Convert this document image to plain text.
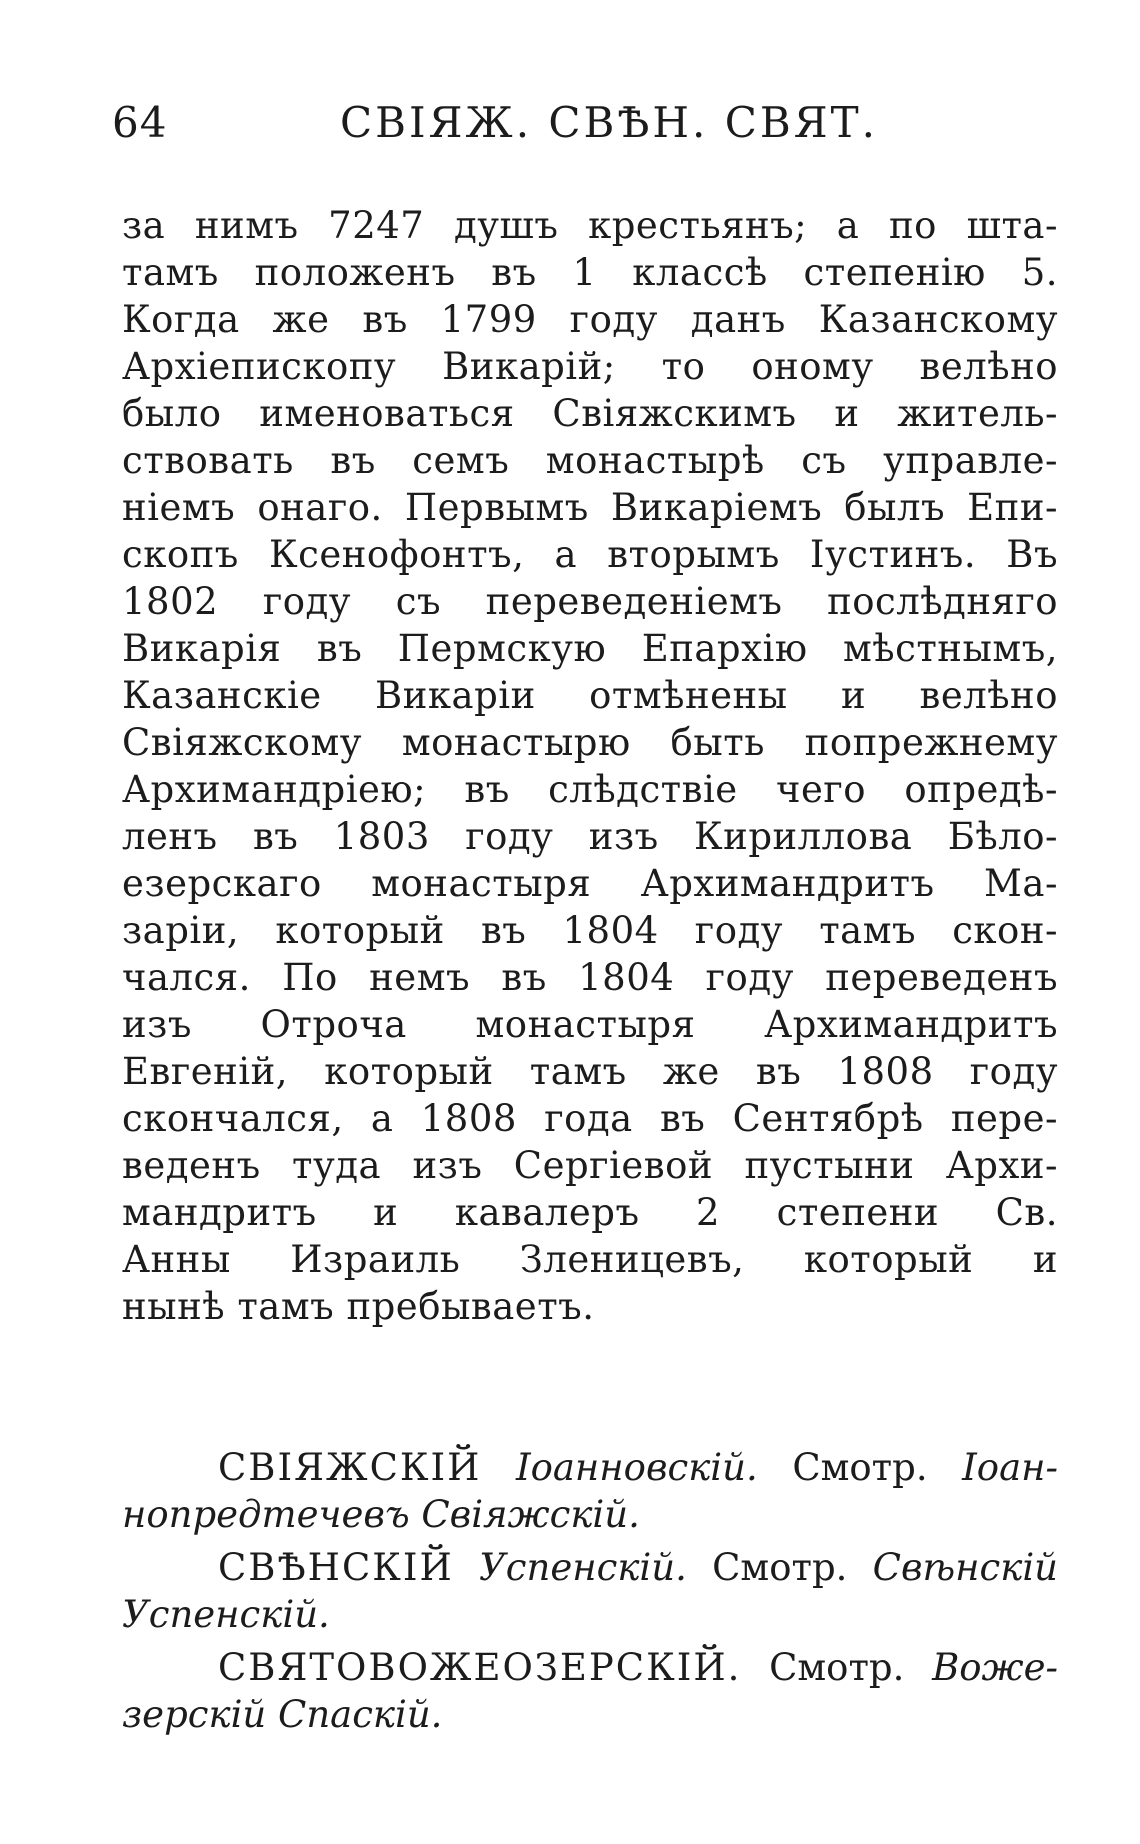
64	СВІЯЖ. СВѢН. СВЯТ.
за нимъ 7247 душъ крестьянъ; а по шта-
тамъ положенъ въ 1 классѣ степенію 5.
Когда же въ 1799 году данъ Казанскому
Архіепископу Викарій; то оному велѣно
было именоваться Свіяжскимъ и житель-
ствовать въ семъ монастырѣ съ управле-
ніемъ онаго. Первымъ Викаріемъ былъ Епи-
скопъ Ксенофонтъ, а вторымъ Іустинъ. Въ
1802 году съ переведеніемъ послѣдняго
Викарія въ Пермскую Епархію мѣстнымъ,
Казанскіе Викаріи отмѣнены и велѣно
Свіяжскому монастырю быть попрежнему
Архимандріею; въ слѣдствіе чего опредѣ-
ленъ въ 1803 году изъ Кириллова Бѣло-
езерскаго монастыря Архимандритъ Ма-
заріи, который въ 1804 году тамъ скон-
чался. По немъ въ 1804 году переведенъ
изъ Отроча монастыря Архимандритъ
Евгеній, который тамъ же въ 1808 году
скончался, а 1808 года въ Сентябрѣ пере-
веденъ туда изъ Сергіевой пустыни Архи-
мандритъ и кавалеръ 2 степени Св.
Анны Израиль Зленицевъ, который и
нынѣ тамъ пребываетъ.
СВІЯЖСКІЙ Іоанновскій. Смотр. Іоан-
нопредтечевъ Свіяжскій.
СВѢНСКІЙ Успенскій. Смотр. Свѣнскій
Успенскій.
СВЯТОВОЖЕОЗЕРСКІЙ. Смотр. Воже-
зерскій Спаскій.
